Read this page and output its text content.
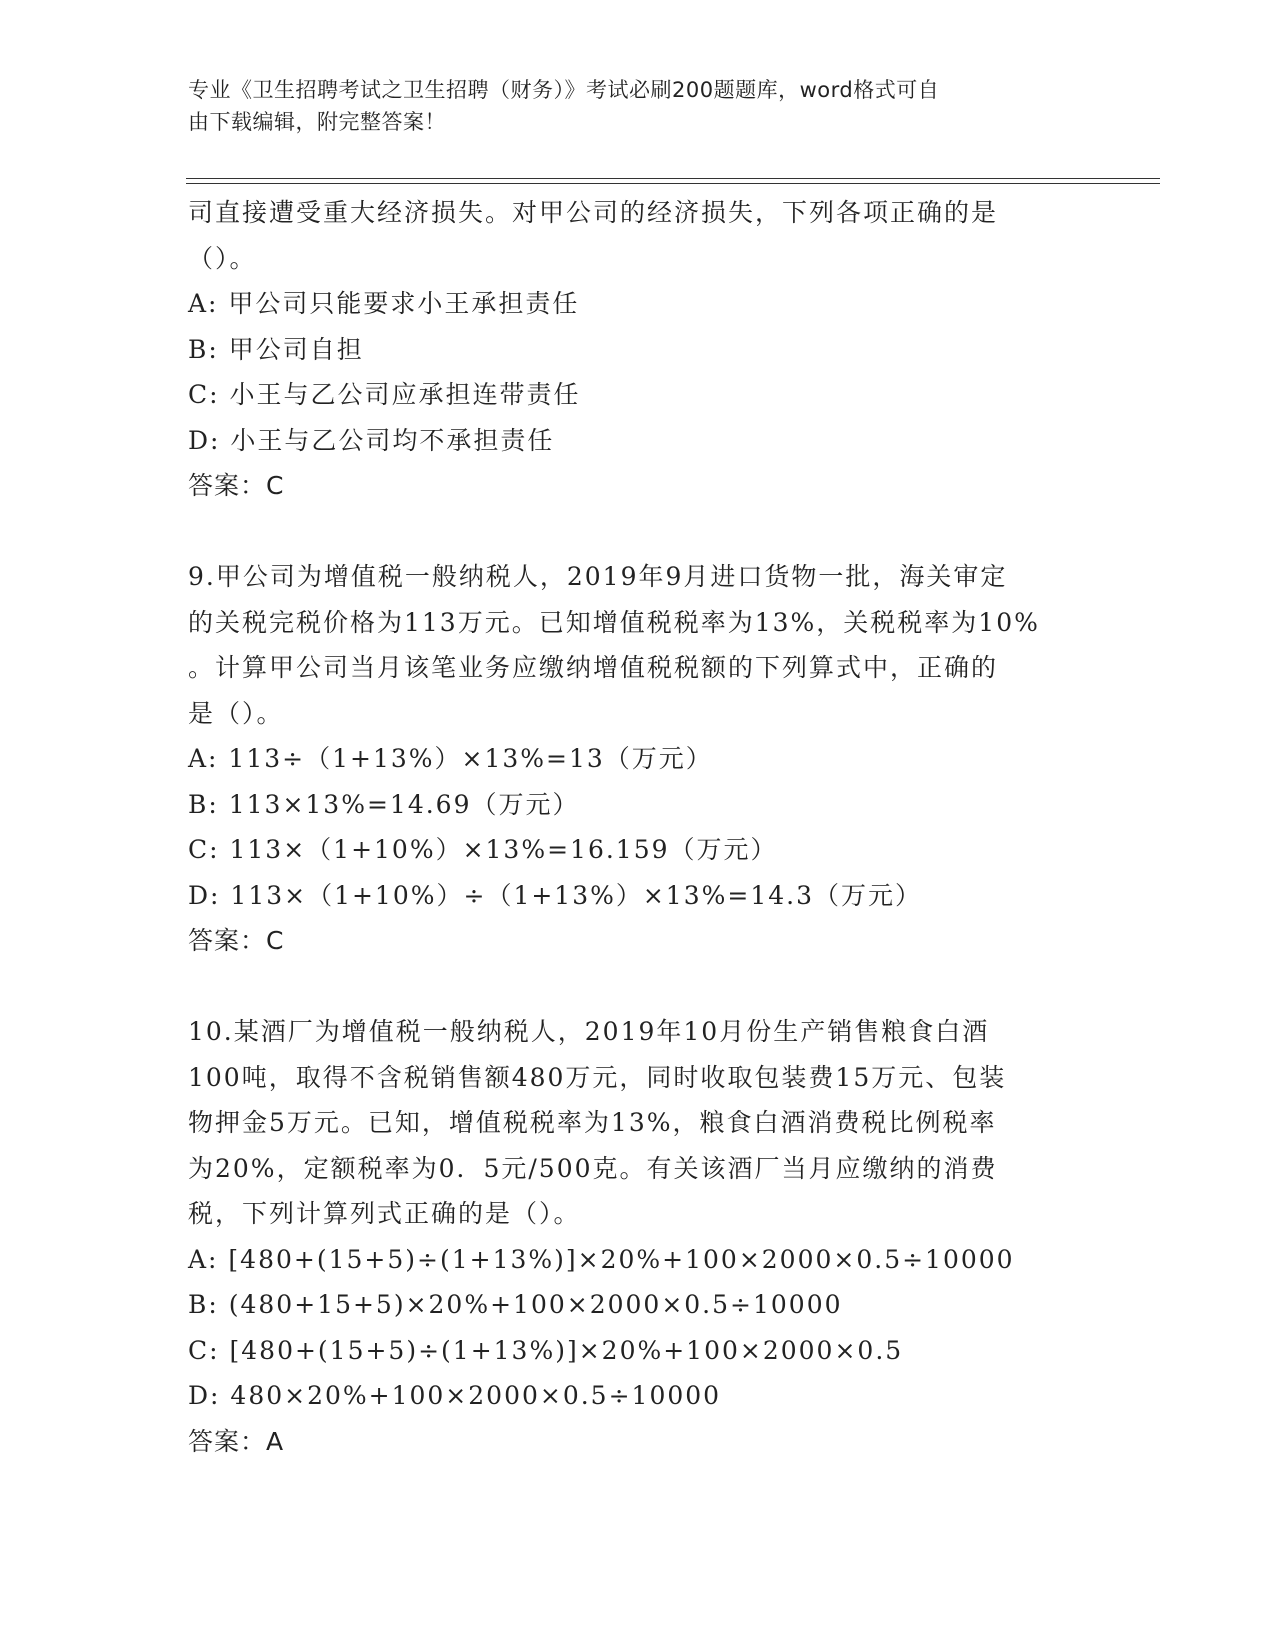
专业《卫生招聘考试之卫生招聘（财务）》考试必刷200题题库，word格式可自
由下载编辑，附完整答案！
司直接遭受重大经济损失。对甲公司的经济损失，下列各项正确的是
（）。
A: 甲公司只能要求小王承担责任
B: 甲公司自担
C: 小王与乙公司应承担连带责任
D: 小王与乙公司均不承担责任
答案：C
9.甲公司为增值税一般纳税人，2019年9月进口货物一批，海关审定
的关税完税价格为113万元。已知增值税税率为13%，关税税率为10%
。计算甲公司当月该笔业务应缴纳增值税税额的下列算式中，正确的
是（）。
A: 113÷（1+13%）×13%=13（万元）
B: 113×13%=14.69（万元）
C: 113×（1+10%）×13%=16.159（万元）
D: 113×（1+10%）÷（1+13%）×13%=14.3（万元）
答案：C
10.某酒厂为增值税一般纳税人，2019年10月份生产销售粮食白酒
100吨，取得不含税销售额480万元，同时收取包装费15万元、包装
物押金5万元。已知，增值税税率为13%，粮食白酒消费税比例税率
为20%，定额税率为0．5元/500克。有关该酒厂当月应缴纳的消费
税，下列计算列式正确的是（）。
A: [480+(15+5)÷(1+13%)]×20%+100×2000×0.5÷10000
B: (480+15+5)×20%+100×2000×0.5÷10000
C: [480+(15+5)÷(1+13%)]×20%+100×2000×0.5
D: 480×20%+100×2000×0.5÷10000
答案：A
